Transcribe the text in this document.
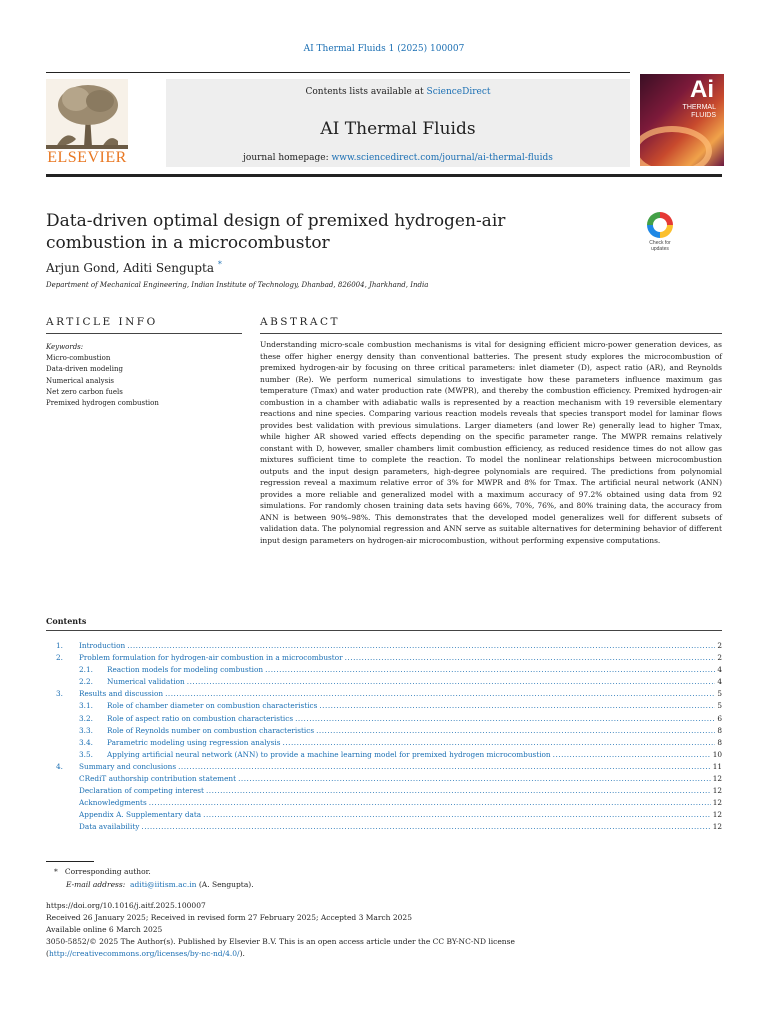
AI Thermal Fluids 1 (2025) 100007
ELSEVIER
Contents lists available at ScienceDirect
AI Thermal Fluids
journal homepage: www.sciencedirect.com/journal/ai-thermal-fluids
Ai
THERMAL
FLUIDS
Data-driven optimal design of premixed hydrogen-air combustion in a microcombustor	Check for updates
Arjun Gond, Aditi Sengupta *
Department of Mechanical Engineering, Indian Institute of Technology, Dhanbad, 826004, Jharkhand, India
ARTICLE INFO	ABSTRACT
Keywords:
Micro-combustion
Data-driven modeling
Numerical analysis
Net zero carbon fuels
Premixed hydrogen combustion

Understanding micro-scale combustion mechanisms is vital for designing efficient micro-power generation devices, as these offer higher energy density than conventional batteries. The present study explores the microcombustion of premixed hydrogen-air by focusing on three critical parameters: inlet diameter (D), aspect ratio (AR), and Reynolds number (Re). We perform numerical simulations to investigate how these parameters influence maximum gas temperature (Tmax) and water production rate (MWPR), and thereby the combustion efficiency. Premixed hydrogen-air combustion in a chamber with adiabatic walls is represented by a reaction mechanism with 19 reversible elementary reactions and nine species. Comparing various reaction models reveals that species transport model for laminar flows provides best validation with previous simulations. Larger diameters (and lower Re) generally lead to higher Tmax, while higher AR showed varied effects depending on the specific parameter range. The MWPR remains relatively constant with D, however, smaller chambers limit combustion efficiency, as reduced residence times do not allow gas mixtures sufficient time to complete the reaction. To model the nonlinear relationships between microcombustion outputs and the input design parameters, high-degree polynomials are required. The predictions from polynomial regression reveal a maximum relative error of 3% for MWPR and 8% for Tmax. The artificial neural network (ANN) provides a more reliable and generalized model with a maximum accuracy of 97.2% obtained using data from 92 simulations. For randomly chosen training data sets having 66%, 70%, 76%, and 80% training data, the accuracy from ANN is between 90%–98%. This demonstrates that the developed model generalizes well for different subsets of validation data. The polynomial regression and ANN serve as suitable alternatives for determining behavior of different input design parameters on hydrogen-air microcombustion, without performing expensive computations.

Contents
1.	Introduction .....	2
2.	Problem formulation for hydrogen-air combustion in a microcombustor .....	2
2.1.	Reaction models for modeling combustion .....	4
2.2.	Numerical validation .....	4
3.	Results and discussion .....	5
3.1.	Role of chamber diameter on combustion characteristics .....	5
3.2.	Role of aspect ratio on combustion characteristics .....	6
3.3.	Role of Reynolds number on combustion characteristics .....	8
3.4.	Parametric modeling using regression analysis .....	8
3.5.	Applying artificial neural network (ANN) to provide a machine learning model for premixed hydrogen microcombustion .....	10
4.	Summary and conclusions .....	11
CRediT authorship contribution statement .....	12
Declaration of competing interest .....	12
Acknowledgments .....	12
Appendix A. Supplementary data .....	12
Data availability .....	12
* Corresponding author.
E-mail address: aditi@iitism.ac.in (A. Sengupta).
https://doi.org/10.1016/j.aitf.2025.100007
Received 26 January 2025; Received in revised form 27 February 2025; Accepted 3 March 2025
Available online 6 March 2025
3050-5852/© 2025 The Author(s). Published by Elsevier B.V. This is an open access article under the CC BY-NC-ND license
(http://creativecommons.org/licenses/by-nc-nd/4.0/).
